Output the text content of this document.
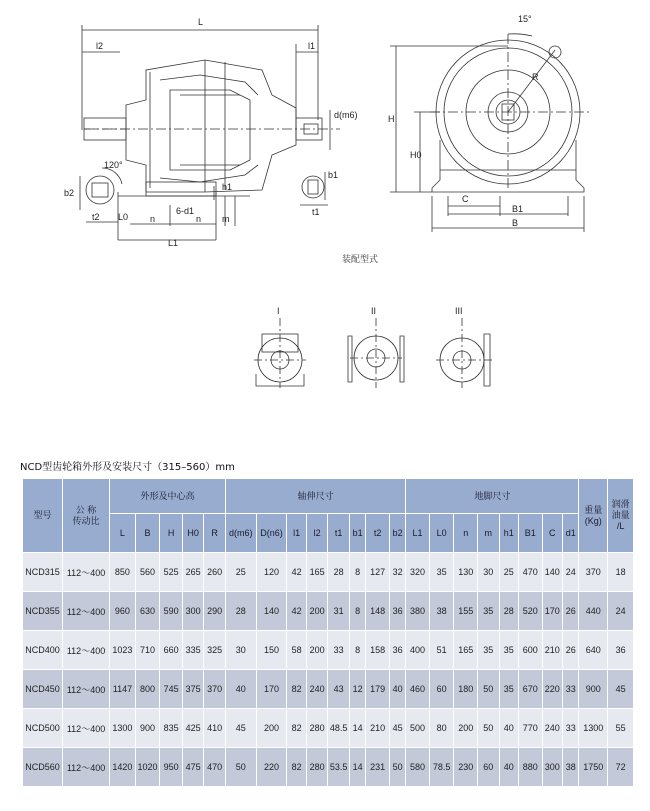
L
l2	l1
d(m6)
b1
t1
b2
t2 L0 n	n
6-d1
h1
m
L1
120°
15°
R
H
H0
C
B1
B
装配型式
I	II	III
NCD型齿轮箱外形及安装尺寸（315–560）mm
型号	公 称
传动比	外形及中心高					轴伸尺寸								地脚尺寸								重量
(Kg)	润滑
油量
/L
		L	B	H	H0	R	d(m6)	D(n6)	l1	l2	t1	b1	t2	b2	L1	L0	n	m	h1	B1	C	d1		
NCD315	112～400	850	560	525	265	260	25	120	42	165	28	8	127	32	320	35	130	30	25	470	140	24	370	18
NCD355	112～400	960	630	590	300	290	28	140	42	200	31	8	148	36	380	38	155	35	28	520	170	26	440	24
NCD400	112～400	1023	710	660	335	325	30	150	58	200	33	8	158	36	400	51	165	35	35	600	210	26	640	36
NCD450	112～400	1147	800	745	375	370	40	170	82	240	43	12	179	40	460	60	180	50	35	670	220	33	900	45
NCD500	112～400	1300	900	835	425	410	45	200	82	280	48.5	14	210	45	500	80	200	50	40	770	240	33	1300	55
NCD560	112～400	1420	1020	950	475	470	50	220	82	280	53.5	14	231	50	580	78.5	230	60	40	880	300	38	1750	72
